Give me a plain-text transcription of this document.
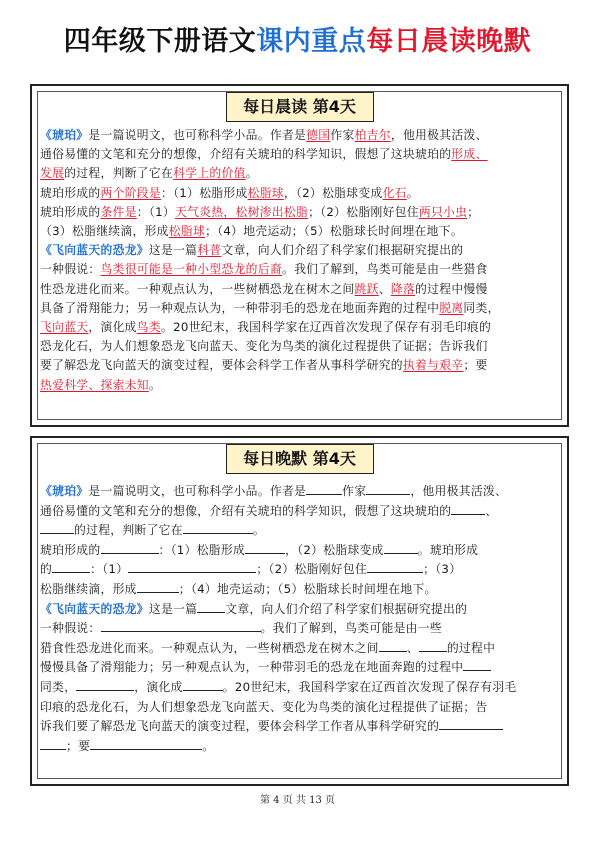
四年级下册语文课内重点每日晨读晚默
每日晨读 第4天
《琥珀》是一篇说明文，也可称科学小品。作者是德国作家柏吉尔，他用极其活泼、
通俗易懂的文笔和充分的想像，介绍有关琥珀的科学知识，假想了这块琥珀的形成、
发展的过程，判断了它在科学上的价值。
琥珀形成的两个阶段是：（1）松脂形成松脂球，（2）松脂球变成化石。
琥珀形成的条件是：（1）天气炎热，松树渗出松脂；（2）松脂刚好包住两只小虫；
（3）松脂继续滴，形成松脂球；（4）地壳运动；（5）松脂球长时间埋在地下。
《飞向蓝天的恐龙》这是一篇科普文章，向人们介绍了科学家们根据研究提出的
一种假说：鸟类很可能是一种小型恐龙的后裔。我们了解到，鸟类可能是由一些猎食
性恐龙进化而来。一种观点认为，一些树栖恐龙在树木之间跳跃、降落的过程中慢慢
具备了滑翔能力；另一种观点认为，一种带羽毛的恐龙在地面奔跑的过程中脱离同类，
飞向蓝天，演化成鸟类。20世纪末，我国科学家在辽西首次发现了保存有羽毛印痕的
恐龙化石，为人们想象恐龙飞向蓝天、变化为鸟类的演化过程提供了证据；告诉我们
要了解恐龙飞向蓝天的演变过程，要体会科学工作者从事科学研究的执着与艰辛；要
热爱科学、探索未知。
每日晚默 第4天
《琥珀》是一篇说明文，也可称科学小品。作者是	作家	，他用极其活泼、
通俗易懂的文笔和充分的想像，介绍有关琥珀的科学知识，假想了这块琥珀的	、
的过程，判断了它在	。
琥珀形成的	：（1）松脂形成	，（2）松脂球变成	。琥珀形成
的	：（1）	；（2）松脂刚好包住	；（3）
松脂继续滴，形成	；（4）地壳运动；（5）松脂球长时间埋在地下。
《飞向蓝天的恐龙》这是一篇 文章，向人们介绍了科学家们根据研究提出的
一种假说：	。我们了解到，鸟类可能是由一些
猎食性恐龙进化而来。一种观点认为，一些树栖恐龙在树木之间 、 的过程中
慢慢具备了滑翔能力；另一种观点认为，一种带羽毛的恐龙在地面奔跑的过程中
同类，	，演化成	。20世纪末，我国科学家在辽西首次发现了保存有羽毛
印痕的恐龙化石，为人们想象恐龙飞向蓝天、变化为鸟类的演化过程提供了证据；告
诉我们要了解恐龙飞向蓝天的演变过程，要体会科学工作者从事科学研究的
；要	。
第 4 页 共 13 页
